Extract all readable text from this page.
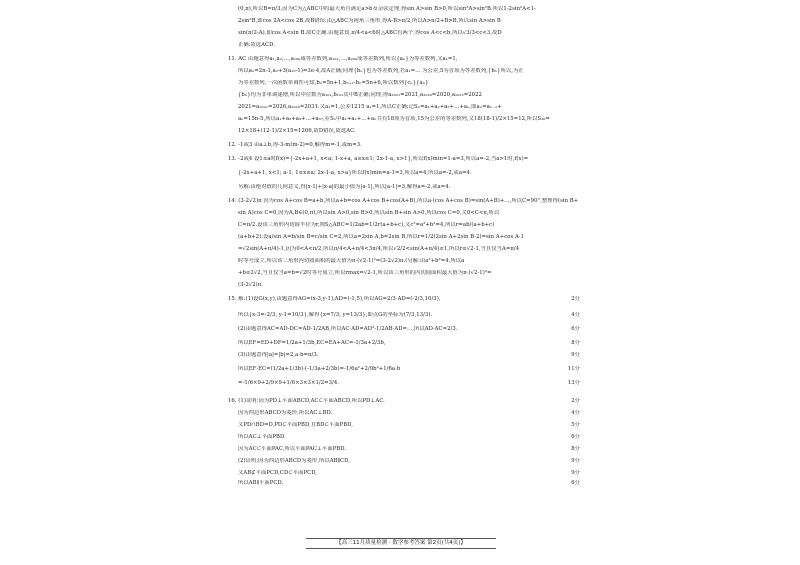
(0,π),所以B=π/3.因为C为△ABC中的最大角且满足a>b及余弦定理,得sin A>sin B>0,所以sin²A>sin²B.所以1-2sin²A<1-
2sin²B,即cos 2A<cos 2B,故B错误.由△ABC为钝角三角形,得A-B>π/2,所以A>π/2+B>B,所以sin A>sin B
sin(π/2-A),即cos A<sin B.故C正确.由题意知,π/4<a<6时△ABC有两个,得cos A<c<b,所以√3/3<c<3,故D
正确.故选ACD.
11. AC 由题意得a₁,a₂,…,a₁₀₀成等差数列,a₁₀₁,…,a₂₀₀成等差数列,所以{aₙ}为等差数列,又a₁=1,
所以aₙ=2n-1,a₂+3(a₁₀-1)=3e-4,故A正确;同理{bₙ}也为等差数列,若a₁=… 为公差,5为首项为等差数列,{bₙ}所以,为正
为等差数列,一次函数单调性可知,bₙ=5n+1,bₙ₊₁-bₙ=5n+6,所以数列{cₙ}{aₙ}
{bₙ}均为非单调递增,所以中位数为a₁₀₁,b₁₀₁其中B正确;同理,得a₂₀₂₁=2021,a₂₀₂₀=2020,a₂₀₂₂=2022
2021=a₂₀₂₁=2026,a₂₀₂₆=2031.又a₁=1,公差1215 a₁=1,所以C正确;记Sₙ=a₁+a₂+a₃+…+aₙ,即aₙ=aₙ₋₁+
aₙ=15n-5,所以a₁+a₅+a₉+…+a₃₇,在Sₙ中a₁+a₂+…+aₙ共有18项为首项,15为公差的等差数列,又18(18-1)/2×15=12,所以S₁₈=
12×18+(12-1)/2×15=1206,故D错误,故选AC.
12. -1或3 由a⊥b,得-3-m(m-2)=0,解得m=-1,或m=3.
13. -2或4 设1≤a时f(x)={-2x+a+1, x<a; 1-x+a, a≤x≤1; 2x-1-a, x>1},所以f(x)min=1-a=3,所以a=-2,当a>1时,f(x)=
{-2x+a+1, x<1; a-1, 1≤x≤a; 2x-1-a, x>a}所以f(x)min=a-1=3,所以a=4,所以a=-2,或a=4.
另解:由绝对值的几何意义,得|x-1|+|x-a|的最小值为|a-1|,所以|a-1|=3,解得a=-2,或a=4.
14. (3-2√2)π 因为cos A+cos B=a+b,所以a+b=cos A+cos B+cos(A+B),所以a·(cos A+cos B)=sin(A+B)+…,所以C=90°,整理得(sin B+
sin A)cos C=0,因为A,B∈(0,π),所以sin A>0,sin B>0,所以sin B+sin A>0,所以cos C=0,又0<C<π,所以
C=π/2.设该三角形内切圆半径为r,则S△ABC=1/2ab=1/2r(a+b+c),又c²=a²+b²=4,所以r=ab/(a+b+c)
(a+b+2).设a/sin A=b/sin B=c/sin C=2,所以a=2sin A,b=2sin B,所以r=1/2(2sin A+2sin B-2)=sin A+cos A-1
=√2sin(A+π/4)-1,因为0<A<π/2,所以π/4<A+π/4<3π/4,所以√2/2<sin(A+π/4)≤1,所以r≤√2-1,当且仅当A=π/4
时等号成立,所以该三角形内切圆面积的最大值为π·(√2-1)²=(3-2√2)π.(另解:由a²+b²=4,所以a
+b≤2√2,当且仅当a=b=√2时等号成立,所以rmax=√2-1,所以该三角形的内切圆面积最大值为π·(√2-1)²=
(3-2√2)π.
15. 解:(1)设G(x,y),由题意得AG=(x-3,y-1),AD=(-1,5),所以AG=2/3·AD=(-2/3,10/3),	2分
所以{x-3=-2/3, y-1=10/3},解得{x=7/3, y=13/3},即点G的坐标为(7/3,13/3).	4分
(2)由题意得AC=AD-DC=AD-1/2AB,所以AC·AD=AD²-1/2AB·AD=…,所以AD·AC=2/3.	6分
所以EF=ED+DF=1/2a+1/3b,EC=EA+AC=-1/3a+2/3b,	8分
(3)由题意得|a|=|b|=2,a·b=π/3.	9分
所以EF·EC=(1/2a+1/3b)·(-1/3a+2/3b)=-1/6a²+2/9b²+1/6a·b	11分
=-1/6×9+2/9×9+1/6×3×3×1/2=3/4.	13分
16. (1)证明:因为PD⊥平面ABCD,AC⊂平面ABCD,所以PD⊥AC.	2分
因为四边形ABCD为菱形,所以AC⊥BD.	4分
又PD∩BD=D,PD⊂平面PBD,且BD⊂平面PBD,	5分
所以AC⊥平面PBD.	6分
因为AC⊂平面PAC,所以平面PAC⊥平面PBD.	8分
(2)证明:因为四边形ABCD为菱形,所以AB∥CD,	9分
又AB⊄平面PCD,CD⊂平面PCD,	9分
所以AB∥平面PCD.	6分
【高三11月质量检测 · 数学参考答案 第2页(共4页)】
